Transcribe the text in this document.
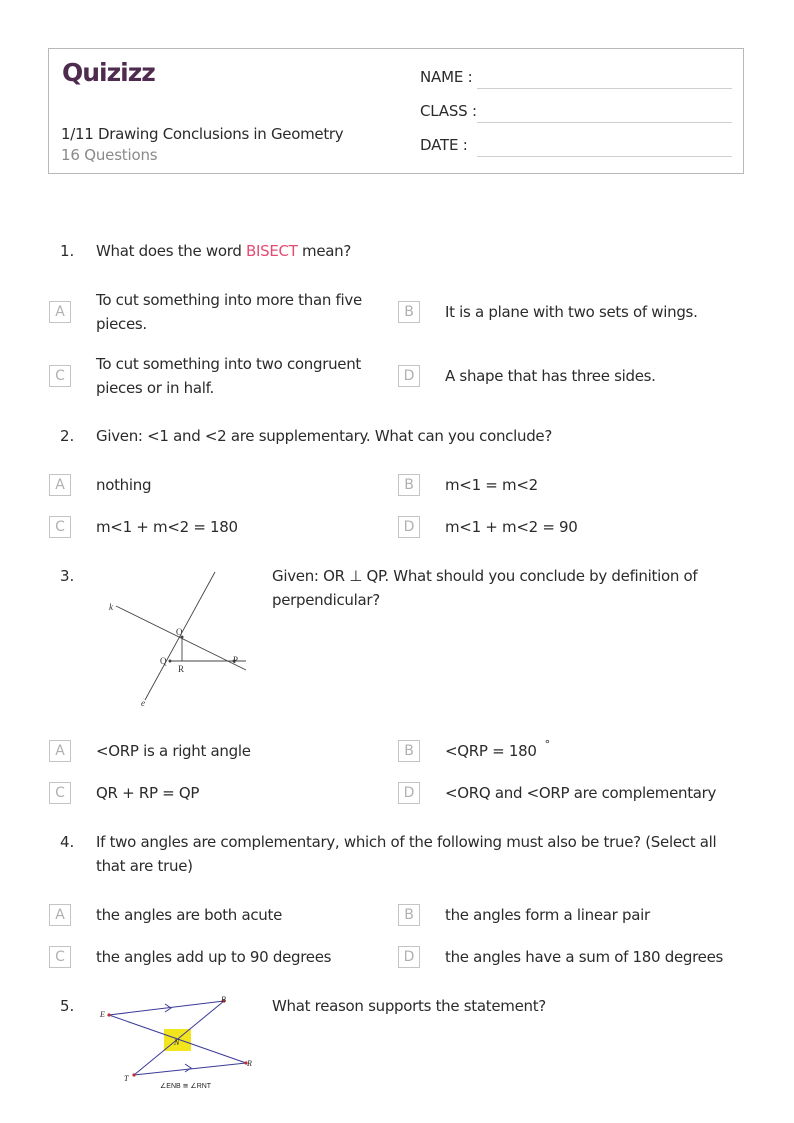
Quizizz
1/11 Drawing Conclusions in Geometry
16 Questions
NAME :
CLASS :
DATE :
1. What does the word BISECT mean?
A
To cut something into more than five pieces.
B	It is a plane with two sets of wings.
C
To cut something into two congruent pieces or in half.
D	A shape that has three sides.
2. Given: <1 and <2 are supplementary. What can you conclude?
A	nothing	B	m<1 = m<2
C	m<1 + m<2 = 180	D	m<1 + m<2 = 90
3.
k
O
Q
R
P
e
Given: OR ⊥ QP. What should you conclude by definition of perpendicular?
A	<ORP is a right angle	B	<QRP = 180 °
C	QR + RP = QP	D	<ORQ and <ORP are complementary
4. If two angles are complementary, which of the following must also be true? (Select all that are true)
A	the angles are both acute	B	the angles form a linear pair
C	the angles add up to 90 degrees	D	the angles have a sum of 180 degrees
5.	E
B
N
R
T
∠ENB ≅ ∠RNT
What reason supports the statement?
